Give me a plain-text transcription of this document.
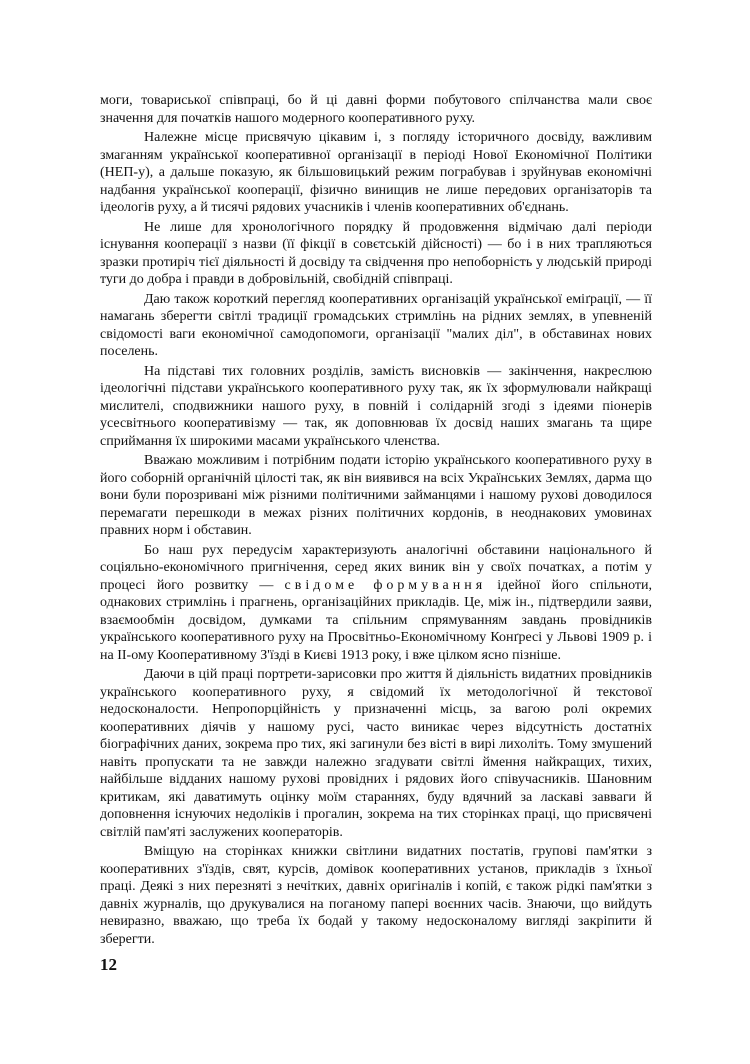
моги, товариської співпраці, бо й ці давні форми побутового спілчанства мали своє значення для початків нашого модерного кооперативного руху.

Належне місце присвячую цікавим і, з погляду історичного досвіду, важливим змаганням української кооперативної організації в періоді Нової Економічної Політики (НЕП-у), а дальше показую, як більшовицький режим пограбував і зруйнував економічні надбання української кооперації, фізично винищив не лише передових організаторів та ідеологів руху, а й тисячі рядових учасників і членів кооперативних об'єднань.

Не лише для хронологічного порядку й продовження відмічаю далі періоди існування кооперації з назви (її фікції в совєтській дійсності) — бо і в них трапляються зразки протиріч тієї діяльності й досвіду та свідчення про непоборність у людській природі туги до добра і правди в добровільній, свобідній співпраці.

Даю також короткий перегляд кооперативних організацій української еміґрації, — її намагань зберегти світлі традиції громадських стримлінь на рідних землях, в упевненій свідомості ваги економічної самодопомоги, організації "малих діл", в обставинах нових поселень.

На підставі тих головних розділів, замість висновків — закінчення, накреслюю ідеологічні підстави українського кооперативного руху так, як їх зформулювали найкращі мислителі, сподвижники нашого руху, в повній і солідарній згоді з ідеями піонерів усесвітнього кооперативізму — так, як доповнював їх досвід наших змагань та щире сприймання їх широкими масами українського членства.

Вважаю можливим і потрібним подати історію українського кооперативного руху в його соборній органічній цілості так, як він виявився на всіх Українських Землях, дарма що вони були порозривані між різними політичними займанцями і нашому рухові доводилося перемагати перешкоди в межах різних політичних кордонів, в неоднакових умовинах правних норм і обставин.

Бо наш рух передусім характеризують аналогічні обставини національного й соціяльно-економічного пригнічення, серед яких виник він у своїх початках, а потім у процесі його розвитку — свідоме формування ідейної його спільноти, однакових стримлінь і прагнень, організаційних прикладів. Це, між ін., підтвердили заяви, взаємообмін досвідом, думками та спільним спрямуванням завдань провідників українського кооперативного руху на Просвітньо-Економічному Конґресі у Львові 1909 р. і на ІІ-ому Кооперативному З'їзді в Києві 1913 року, і вже цілком ясно пізніше.

Даючи в цій праці портрети-зарисовки про життя й діяльність видатних провідників українського кооперативного руху, я свідомий їх методологічної й текстової недосконалости. Непропорційність у призначенні місць, за вагою ролі окремих кооперативних діячів у нашому русі, часто виникає через відсутність достатніх біографічних даних, зокрема про тих, які загинули без вісті в вирі лихоліть. Тому змушений навіть пропускати та не завжди належно згадувати світлі ймення найкращих, тихих, найбільше відданих нашому рухові провідних і рядових його співучасників. Шановним критикам, які даватимуть оцінку моїм стараннях, буду вдячний за ласкаві завваги й доповнення існуючих недоліків і прогалин, зокрема на тих сторінках праці, що присвячені світлій пам'яті заслужених кооператорів.

Вміщую на сторінках книжки світлини видатних постатів, групові пам'ятки з кооперативних з'їздів, свят, курсів, домівок кооперативних установ, прикладів з їхньої праці. Деякі з них перезняті з нечітких, давніх оригіналів і копій, є також рідкі пам'ятки з давніх журналів, що друкувалися на поганому папері воєнних часів. Знаючи, що вийдуть невиразно, вважаю, що треба їх бодай у такому недосконалому вигляді закріпити й зберегти.

12
